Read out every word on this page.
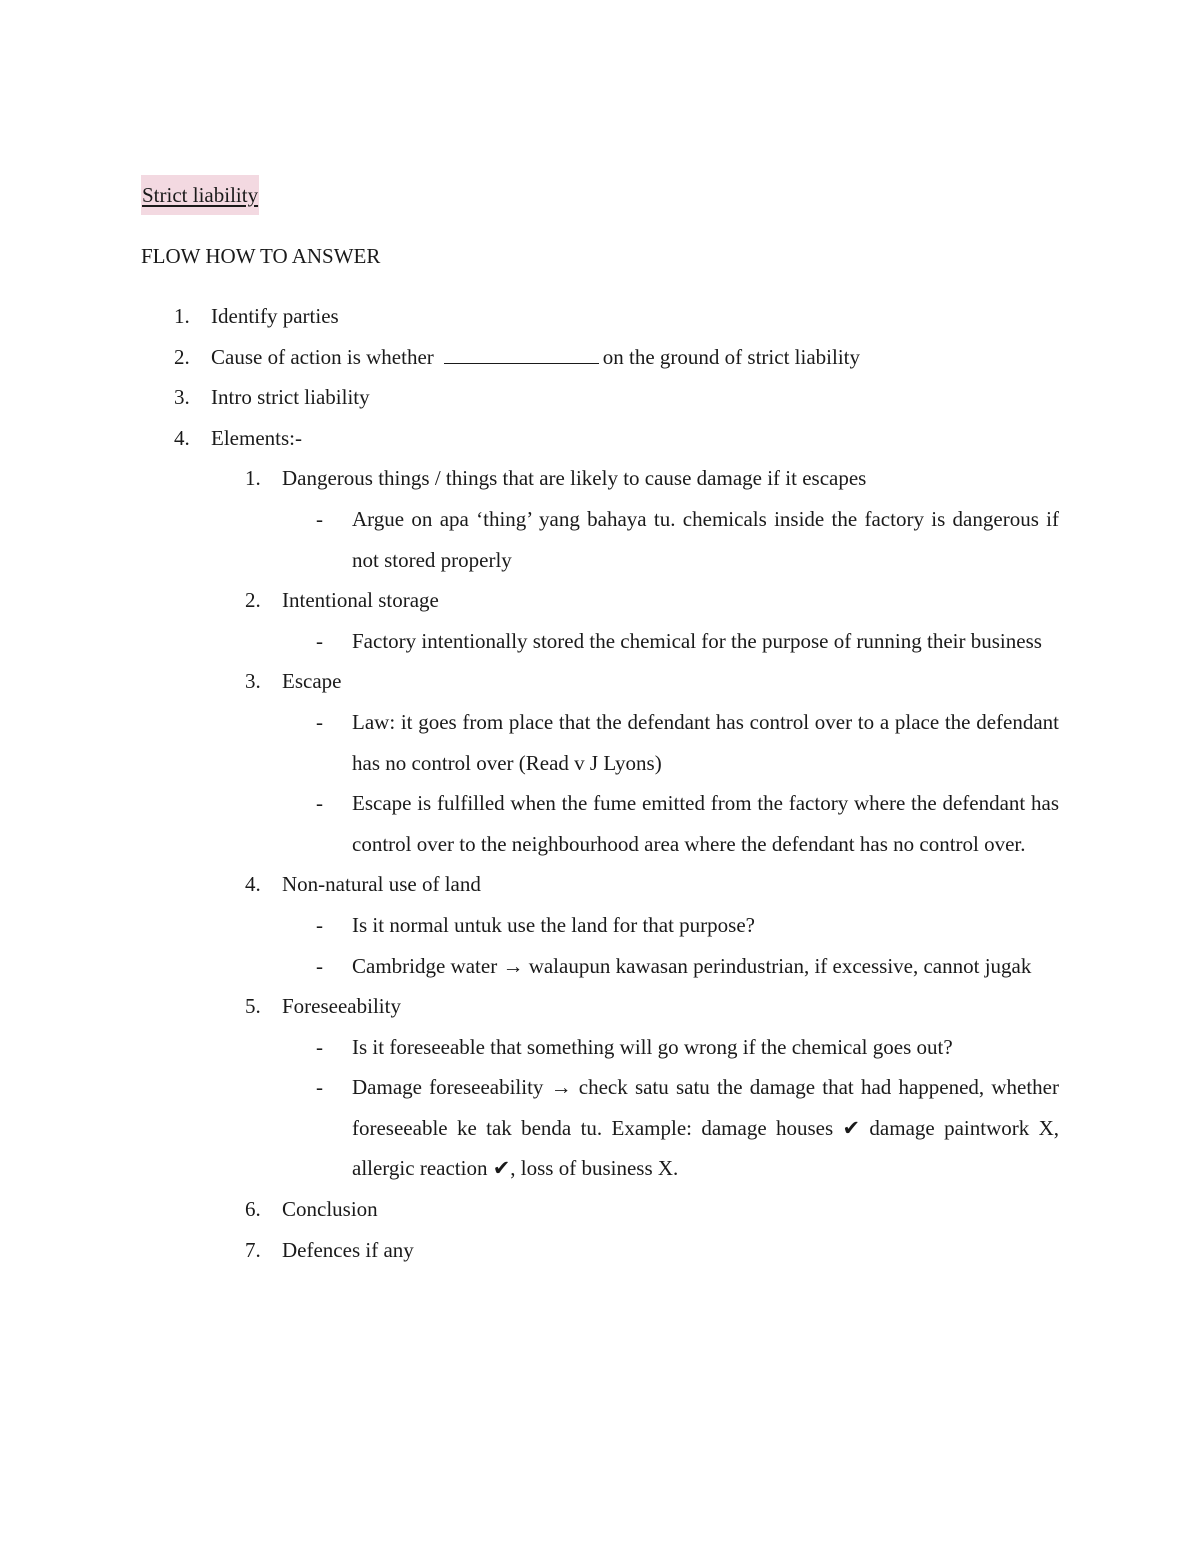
Strict liability
FLOW HOW TO ANSWER
1. Identify parties
2. Cause of action is whether	on the ground of strict liability
3. Intro strict liability
4. Elements:-
1. Dangerous things / things that are likely to cause damage if it escapes
- Argue on apa ‘thing’ yang bahaya tu. chemicals inside the factory is dangerous if not stored properly
2. Intentional storage
- Factory intentionally stored the chemical for the purpose of running their business
3. Escape
- Law: it goes from place that the defendant has control over to a place the defendant has no control over (Read v J Lyons)
- Escape is fulfilled when the fume emitted from the factory where the defendant has control over to the neighbourhood area where the defendant has no control over.
4. Non-natural use of land
- Is it normal untuk use the land for that purpose?
- Cambridge water → walaupun kawasan perindustrian, if excessive, cannot jugak
5. Foreseeability
- Is it foreseeable that something will go wrong if the chemical goes out?
- Damage foreseeability → check satu satu the damage that had happened, whether foreseeable ke tak benda tu. Example: damage houses ✔ damage paintwork X, allergic reaction ✔, loss of business X.
6. Conclusion
7. Defences if any
